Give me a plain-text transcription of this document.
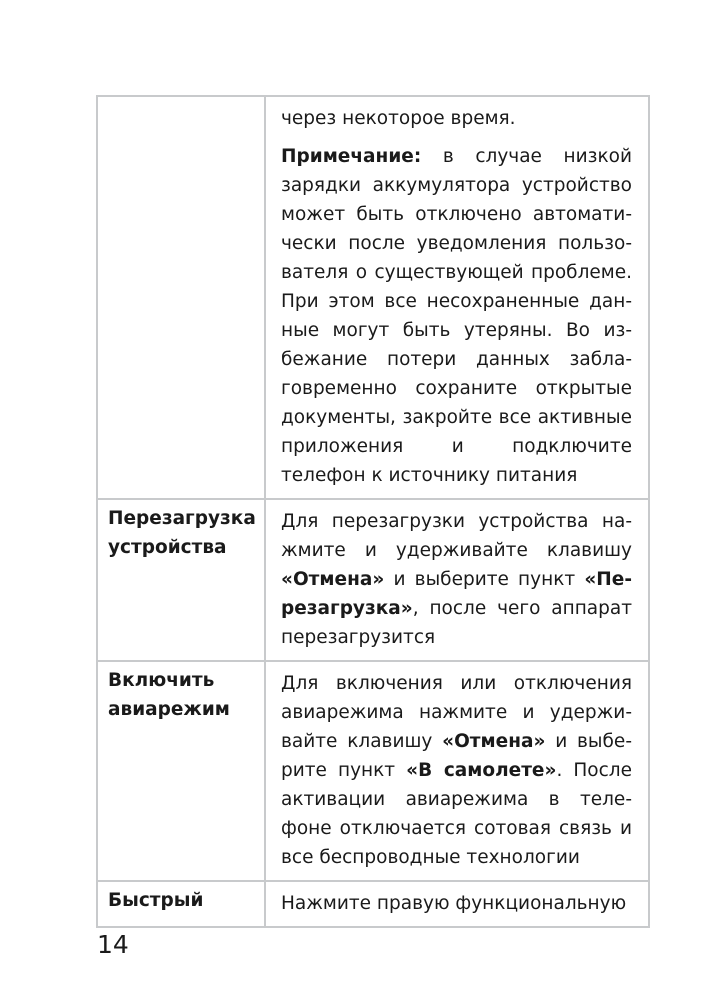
	через некоторое время.

Примечание: в случае низкой зарядки аккумулятора устройство может быть отключено автоматически после уведомления пользователя о существующей проблеме. При этом все несохраненные данные могут быть утеряны. Во избежание потери данных заблаговременно сохраните открытые документы, закройте все активные приложения и подключите телефон к источнику питания

Перезагрузка
устройства	Для перезагрузки устройства нажмите и удерживайте клавишу «Отмена» и выберите пункт «Перезагрузка», после чего аппарат перезагрузится

Включить
авиарежим	Для включения или отключения авиарежима нажмите и удерживайте клавишу «Отмена» и выберите пункт «В самолете». После активации авиарежима в телефоне отключается сотовая связь и все беспроводные технологии

Быстрый	Нажмите правую функциональную

14
